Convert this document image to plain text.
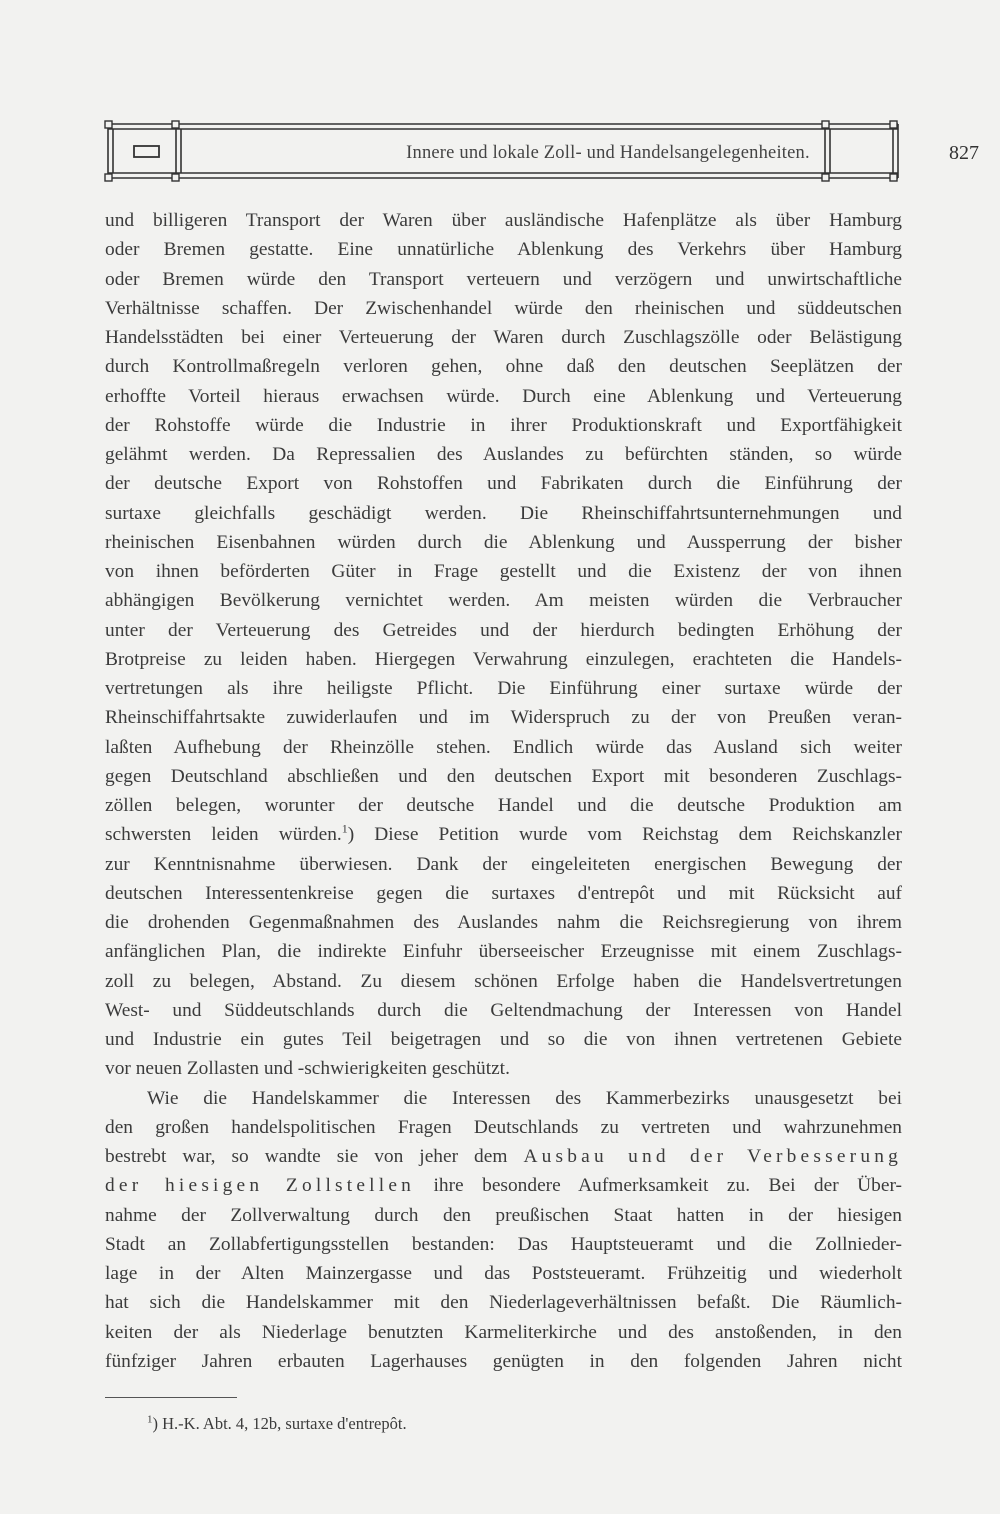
Innere und lokale Zoll- und Handelsangelegenheiten.	827
und billigeren Transport der Waren über ausländische Hafenplätze als über Hamburg
oder Bremen gestatte. Eine unnatürliche Ablenkung des Verkehrs über Hamburg
oder Bremen würde den Transport verteuern und verzögern und unwirtschaftliche
Verhältnisse schaffen. Der Zwischenhandel würde den rheinischen und süddeutschen
Handelsstädten bei einer Verteuerung der Waren durch Zuschlagszölle oder Belästigung
durch Kontrollmaßregeln verloren gehen, ohne daß den deutschen Seeplätzen der
erhoffte Vorteil hieraus erwachsen würde. Durch eine Ablenkung und Verteuerung
der Rohstoffe würde die Industrie in ihrer Produktionskraft und Exportfähigkeit
gelähmt werden. Da Repressalien des Auslandes zu befürchten ständen, so würde
der deutsche Export von Rohstoffen und Fabrikaten durch die Einführung der
surtaxe gleichfalls geschädigt werden. Die Rheinschiffahrtsunternehmungen und
rheinischen Eisenbahnen würden durch die Ablenkung und Aussperrung der bisher
von ihnen beförderten Güter in Frage gestellt und die Existenz der von ihnen
abhängigen Bevölkerung vernichtet werden. Am meisten würden die Verbraucher
unter der Verteuerung des Getreides und der hierdurch bedingten Erhöhung der
Brotpreise zu leiden haben. Hiergegen Verwahrung einzulegen, erachteten die Handels-
vertretungen als ihre heiligste Pflicht. Die Einführung einer surtaxe würde der
Rheinschiffahrtsakte zuwiderlaufen und im Widerspruch zu der von Preußen veran-
laßten Aufhebung der Rheinzölle stehen. Endlich würde das Ausland sich weiter
gegen Deutschland abschließen und den deutschen Export mit besonderen Zuschlags-
zöllen belegen, worunter der deutsche Handel und die deutsche Produktion am
schwersten leiden würden.$^1$) Diese Petition wurde vom Reichstag dem Reichskanzler
zur Kenntnisnahme überwiesen. Dank der eingeleiteten energischen Bewegung der
deutschen Interessentenkreise gegen die surtaxes d'entrepôt und mit Rücksicht auf
die drohenden Gegenmaßnahmen des Auslandes nahm die Reichsregierung von ihrem
anfänglichen Plan, die indirekte Einfuhr überseeischer Erzeugnisse mit einem Zuschlags-
zoll zu belegen, Abstand. Zu diesem schönen Erfolge haben die Handelsvertretungen
West- und Süddeutschlands durch die Geltendmachung der Interessen von Handel
und Industrie ein gutes Teil beigetragen und so die von ihnen vertretenen Gebiete
vor neuen Zollasten und -schwierigkeiten geschützt.
Wie die Handelskammer die Interessen des Kammerbezirks unausgesetzt bei
den großen handelspolitischen Fragen Deutschlands zu vertreten und wahrzunehmen
bestrebt war, so wandte sie von jeher dem Ausbau und der Verbesserung
der hiesigen Zollstellen ihre besondere Aufmerksamkeit zu. Bei der Über-
nahme der Zollverwaltung durch den preußischen Staat hatten in der hiesigen
Stadt an Zollabfertigungsstellen bestanden: Das Hauptsteueramt und die Zollnieder-
lage in der Alten Mainzergasse und das Poststeueramt. Frühzeitig und wiederholt
hat sich die Handelskammer mit den Niederlageverhältnissen befaßt. Die Räumlich-
keiten der als Niederlage benutzten Karmeliterkirche und des anstoßenden, in den
fünfziger Jahren erbauten Lagerhauses genügten in den folgenden Jahren nicht
$^1$) H.-K. Abt. 4, 12b, surtaxe d'entrepôt.
